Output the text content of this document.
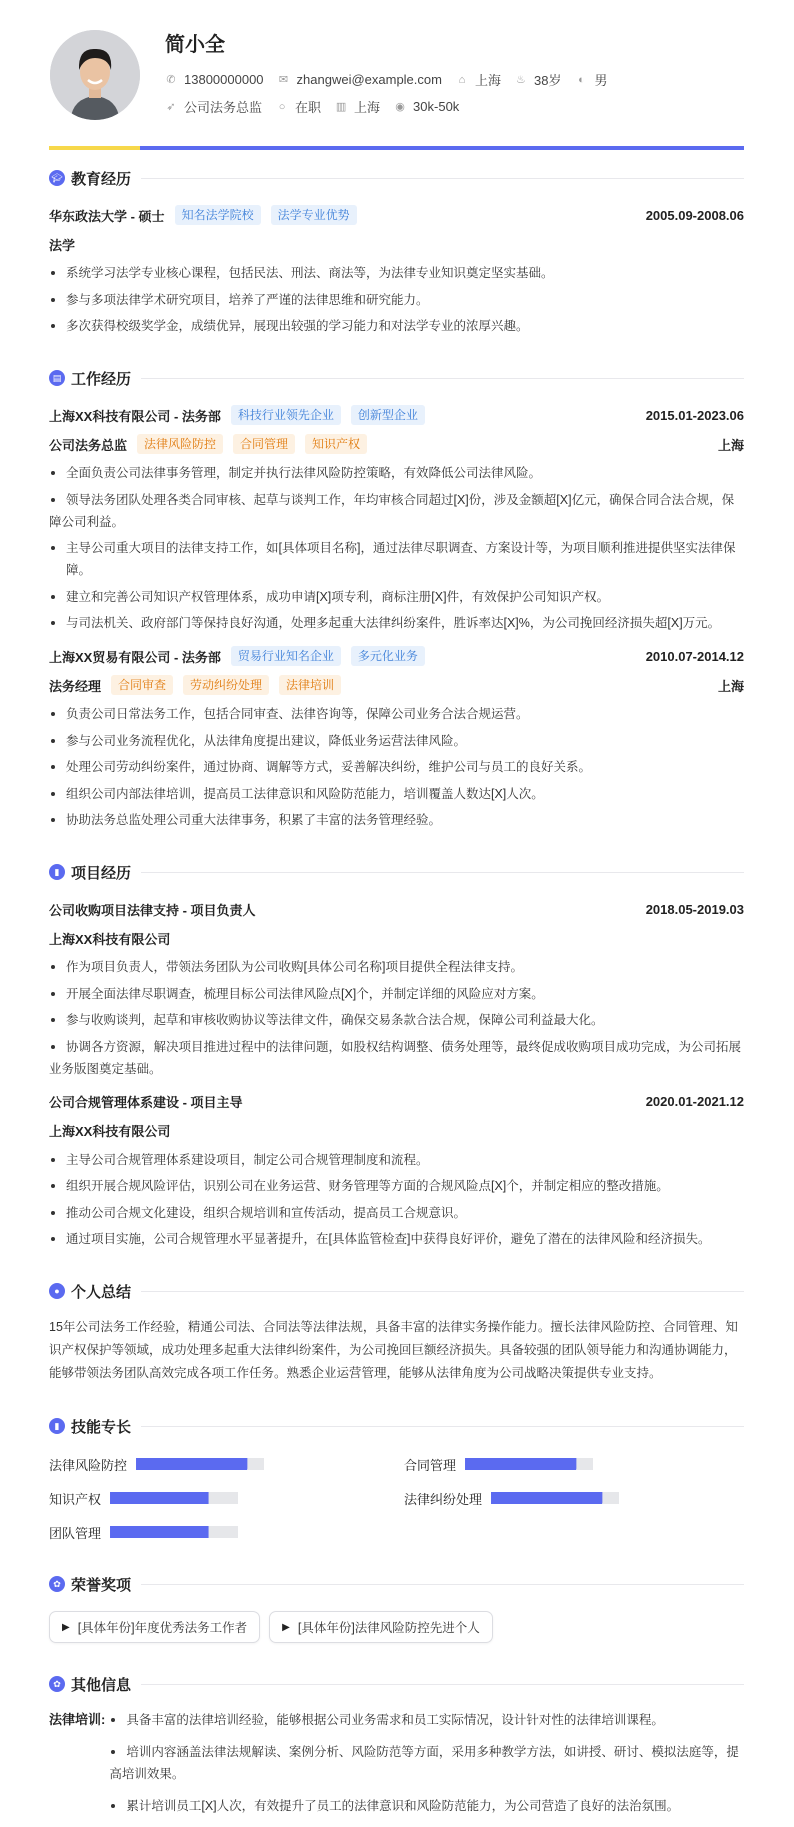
简小全
✆ 13800000000 ✉ zhangwei@example.com ⌂ 上海 ♨ 38岁 ◐ 男
➶ 公司法务总监 ○ 在职 ▥ 上海 ◉ 30k-50k
🎓︎ 教育经历
华东政法大学 - 硕士	知名法学院校	法学专业优势	2005.09-2008.06
法学
系统学习法学专业核心课程，包括民法、刑法、商法等，为法律专业知识奠定坚实基础。
参与多项法律学术研究项目，培养了严谨的法律思维和研究能力。
多次获得校级奖学金，成绩优异，展现出较强的学习能力和对法学专业的浓厚兴趣。
▤ 工作经历
上海XX科技有限公司 - 法务部	科技行业领先企业	创新型企业	2015.01-2023.06
公司法务总监	法律风险防控	合同管理	知识产权	上海
全面负责公司法律事务管理，制定并执行法律风险防控策略，有效降低公司法律风险。
领导法务团队处理各类合同审核、起草与谈判工作，年均审核合同超过[X]份，涉及金额超[X]亿元，确保合同合法合规，保障公司利益。
主导公司重大项目的法律支持工作，如[具体项目名称]，通过法律尽职调查、方案设计等，为项目顺利推进提供坚实法律保障。
建立和完善公司知识产权管理体系，成功申请[X]项专利，商标注册[X]件，有效保护公司知识产权。
与司法机关、政府部门等保持良好沟通，处理多起重大法律纠纷案件，胜诉率达[X]%，为公司挽回经济损失超[X]万元。
上海XX贸易有限公司 - 法务部	贸易行业知名企业	多元化业务	2010.07-2014.12
法务经理	合同审查	劳动纠纷处理	法律培训	上海
负责公司日常法务工作，包括合同审查、法律咨询等，保障公司业务合法合规运营。
参与公司业务流程优化，从法律角度提出建议，降低业务运营法律风险。
处理公司劳动纠纷案件，通过协商、调解等方式，妥善解决纠纷，维护公司与员工的良好关系。
组织公司内部法律培训，提高员工法律意识和风险防范能力，培训覆盖人数达[X]人次。
协助法务总监处理公司重大法律事务，积累了丰富的法务管理经验。
▮ 项目经历
公司收购项目法律支持 - 项目负责人	2018.05-2019.03
上海XX科技有限公司
作为项目负责人，带领法务团队为公司收购[具体公司名称]项目提供全程法律支持。
开展全面法律尽职调查，梳理目标公司法律风险点[X]个，并制定详细的风险应对方案。
参与收购谈判，起草和审核收购协议等法律文件，确保交易条款合法合规，保障公司利益最大化。
协调各方资源，解决项目推进过程中的法律问题，如股权结构调整、债务处理等，最终促成收购项目成功完成，为公司拓展业务版图奠定基础。
公司合规管理体系建设 - 项目主导	2020.01-2021.12
上海XX科技有限公司
主导公司合规管理体系建设项目，制定公司合规管理制度和流程。
组织开展合规风险评估，识别公司在业务运营、财务管理等方面的合规风险点[X]个，并制定相应的整改措施。
推动公司合规文化建设，组织合规培训和宣传活动，提高员工合规意识。
通过项目实施，公司合规管理水平显著提升，在[具体监管检查]中获得良好评价，避免了潜在的法律风险和经济损失。
● 个人总结

15年公司法务工作经验，精通公司法、合同法等法律法规，具备丰富的法律实务操作能力。擅长法律风险防控、合同管理、知识产权保护等领域，成功处理多起重大法律纠纷案件，为公司挽回巨额经济损失。具备较强的团队领导能力和沟通协调能力，能够带领法务团队高效完成各项工作任务。熟悉企业运营管理，能够从法律角度为公司战略决策提供专业支持。

▮ 技能专长
法律风险防控	合同管理
知识产权	法律纠纷处理
团队管理
✿ 荣誉奖项
▶ [具体年份]年度优秀法务工作者	▶ [具体年份]法律风险防控先进个人
✿ 其他信息
法律培训:	具备丰富的法律培训经验，能够根据公司业务需求和员工实际情况，设计针对性的法律培训课程。
培训内容涵盖法律法规解读、案例分析、风险防范等方面，采用多种教学方法，如讲授、研讨、模拟法庭等，提高培训效果。
累计培训员工[X]人次，有效提升了员工的法律意识和风险防范能力，为公司营造了良好的法治氛围。
